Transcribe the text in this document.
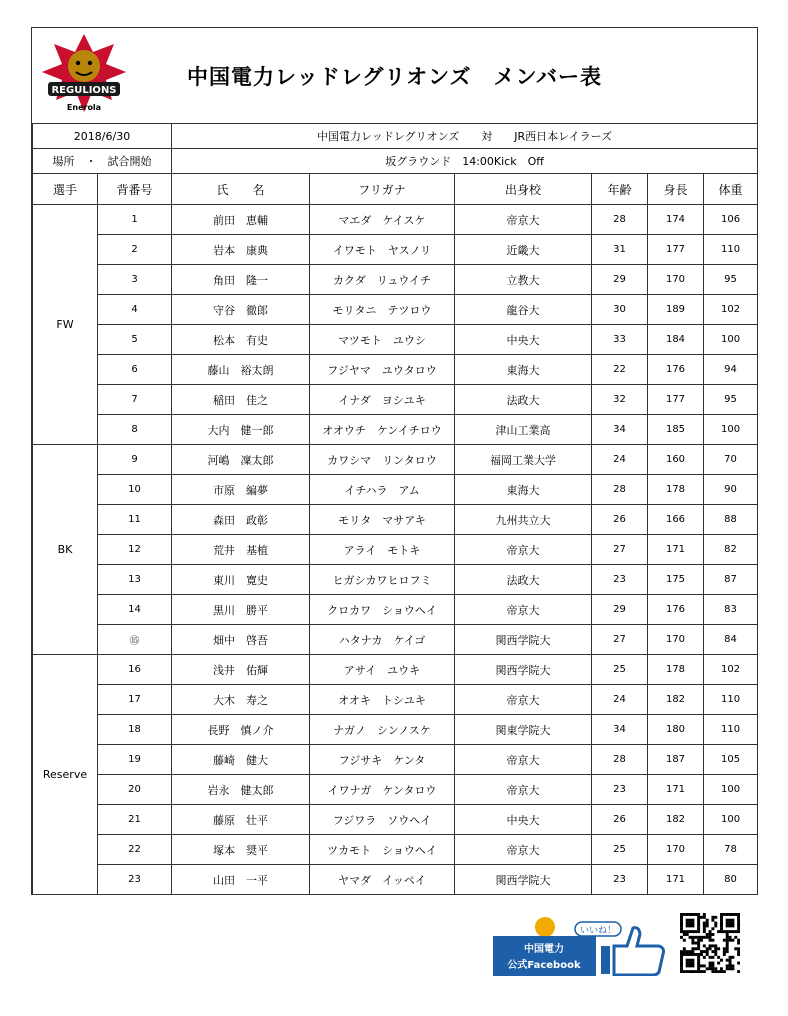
REGULIONS
Enerola
中国電力レッドレグリオンズ　メンバー表
2018/6/30		中国電力レッドレグリオンズ　　対　　JR西日本レイラーズ					
場所　・　試合開始		坂グラウンド　14:00Kick　Off					
選手	背番号	氏　　名	フリガナ	出身校	年齢	身長	体重
FW	1	前田　恵輔	マエダ　ケイスケ	帝京大	28	174	106
	2	岩本　康典	イワモト　ヤスノリ	近畿大	31	177	110
	3	角田　隆一	カクダ　リュウイチ	立教大	29	170	95
	4	守谷　徹郎	モリタニ　テツロウ	龍谷大	30	189	102
	5	松本　有史	マツモト　ユウシ	中央大	33	184	100
	6	藤山　裕太朗	フジヤマ　ユウタロウ	東海大	22	176	94
	7	稲田　佳之	イナダ　ヨシユキ	法政大	32	177	95
	8	大内　健一郎	オオウチ　ケンイチロウ	津山工業高	34	185	100
BK	9	河嶋　凜太郎	カワシマ　リンタロウ	福岡工業大学	24	160	70
	10	市原　編夢	イチハラ　アム	東海大	28	178	90
	11	森田　政彰	モリタ　マサアキ	九州共立大	26	166	88
	12	荒井　基植	アライ　モトキ	帝京大	27	171	82
	13	東川　寛史	ヒガシカワヒロフミ	法政大	23	175	87
	14	黒川　勝平	クロカワ　ショウヘイ	帝京大	29	176	83
	⑮	畑中　啓吾	ハタナカ　ケイゴ	関西学院大	27	170	84
Reserve	16	浅井　佑輝	アサイ　ユウキ	関西学院大	25	178	102
	17	大木　寿之	オオキ　トシユキ	帝京大	24	182	110
	18	長野　慎ノ介	ナガノ　シンノスケ	関東学院大	34	180	110
	19	藤崎　健大	フジサキ　ケンタ	帝京大	28	187	105
	20	岩永　健太郎	イワナガ　ケンタロウ	帝京大	23	171	100
	21	藤原　壮平	フジワラ　ソウヘイ	中央大	26	182	100
	22	塚本　奨平	ツカモト　ショウヘイ	帝京大	25	170	78
	23	山田　一平	ヤマダ　イッペイ	関西学院大	23	171	80
いいね！
中国電力
公式Facebook
